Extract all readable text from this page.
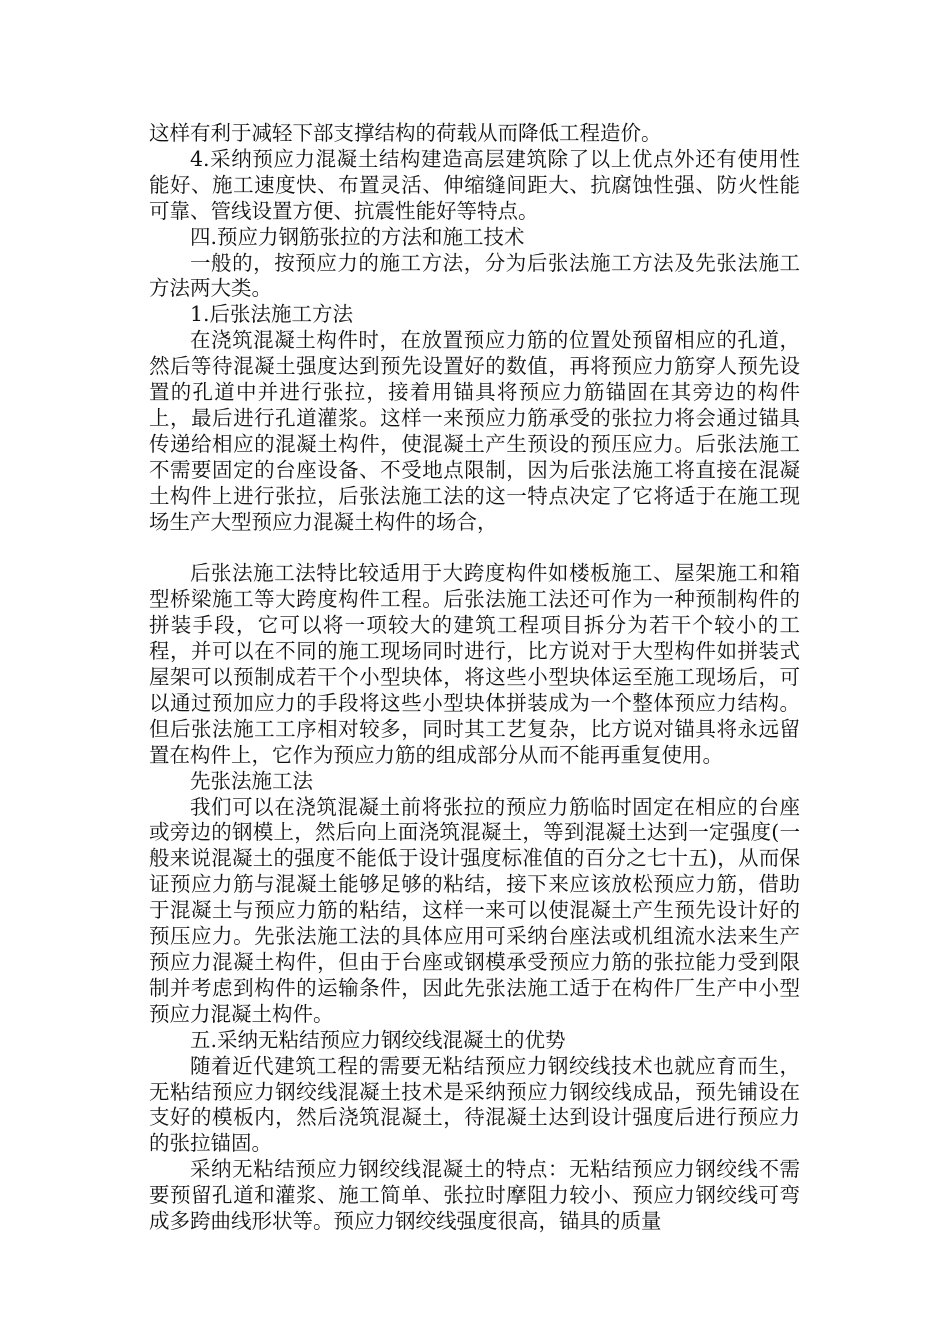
这样有利于减轻下部支撑结构的荷载从而降低工程造价。

4.采纳预应力混凝土结构建造高层建筑除了以上优点外还有使用性能好、施工速度快、布置灵活、伸缩缝间距大、抗腐蚀性强、防火性能可靠、管线设置方便、抗震性能好等特点。

四.预应力钢筋张拉的方法和施工技术

一般的，按预应力的施工方法，分为后张法施工方法及先张法施工方法两大类。

1.后张法施工方法

在浇筑混凝土构件时，在放置预应力筋的位置处预留相应的孔道，然后等待混凝土强度达到预先设置好的数值，再将预应力筋穿人预先设置的孔道中并进行张拉，接着用锚具将预应力筋锚固在其旁边的构件上，最后进行孔道灌浆。这样一来预应力筋承受的张拉力将会通过锚具传递给相应的混凝土构件，使混凝土产生预设的预压应力。后张法施工不需要固定的台座设备、不受地点限制，因为后张法施工将直接在混凝土构件上进行张拉，后张法施工法的这一特点决定了它将适于在施工现场生产大型预应力混凝土构件的场合，

后张法施工法特比较适用于大跨度构件如楼板施工、屋架施工和箱型桥梁施工等大跨度构件工程。后张法施工法还可作为一种预制构件的拼装手段，它可以将一项较大的建筑工程项目拆分为若干个较小的工程，并可以在不同的施工现场同时进行，比方说对于大型构件如拼装式屋架可以预制成若干个小型块体，将这些小型块体运至施工现场后，可以通过预加应力的手段将这些小型块体拼装成为一个整体预应力结构。但后张法施工工序相对较多，同时其工艺复杂，比方说对锚具将永远留置在构件上，它作为预应力筋的组成部分从而不能再重复使用。

先张法施工法

我们可以在浇筑混凝土前将张拉的预应力筋临时固定在相应的台座或旁边的钢模上，然后向上面浇筑混凝土，等到混凝土达到一定强度(一般来说混凝土的强度不能低于设计强度标准值的百分之七十五)，从而保证预应力筋与混凝土能够足够的粘结，接下来应该放松预应力筋，借助于混凝土与预应力筋的粘结，这样一来可以使混凝土产生预先设计好的预压应力。先张法施工法的具体应用可采纳台座法或机组流水法来生产预应力混凝土构件，但由于台座或钢模承受预应力筋的张拉能力受到限制并考虑到构件的运输条件，因此先张法施工适于在构件厂生产中小型预应力混凝土构件。

五.采纳无粘结预应力钢绞线混凝土的优势

随着近代建筑工程的需要无粘结预应力钢绞线技术也就应育而生，无粘结预应力钢绞线混凝土技术是采纳预应力钢绞线成品，预先铺设在支好的模板内，然后浇筑混凝土，待混凝土达到设计强度后进行预应力的张拉锚固。

采纳无粘结预应力钢绞线混凝土的特点：无粘结预应力钢绞线不需要预留孔道和灌浆、施工简单、张拉时摩阻力较小、预应力钢绞线可弯成多跨曲线形状等。预应力钢绞线强度很高，锚具的质量
